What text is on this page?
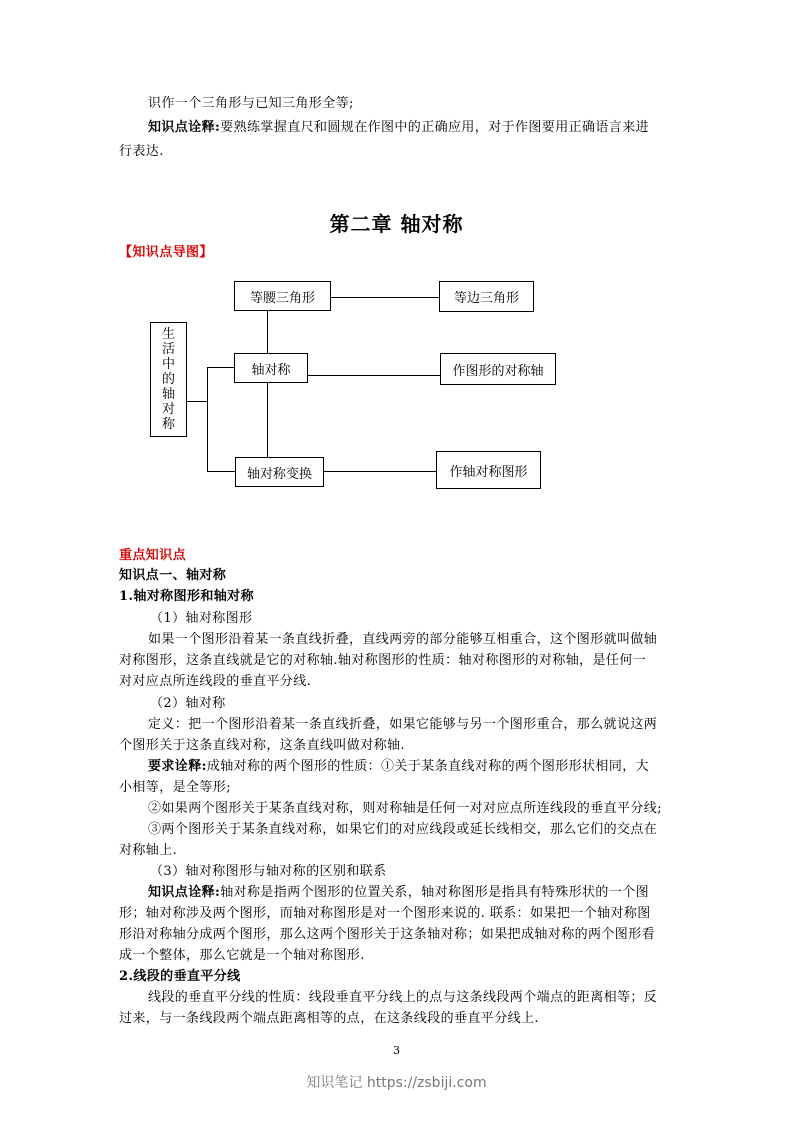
识作一个三角形与已知三角形全等;
知识点诠释:要熟练掌握直尺和圆规在作图中的正确应用，对于作图要用正确语言来进
行表达.
第二章 轴对称
【知识点导图】
生
活
中
的
轴
对
称
等腰三角形	等边三角形
轴对称	作图形的对称轴
轴对称变换	作轴对称图形
重点知识点
知识点一、轴对称
1.轴对称图形和轴对称
（1）轴对称图形
如果一个图形沿着某一条直线折叠，直线两旁的部分能够互相重合，这个图形就叫做轴
对称图形，这条直线就是它的对称轴.轴对称图形的性质：轴对称图形的对称轴，是任何一
对对应点所连线段的垂直平分线.
（2）轴对称
定义：把一个图形沿着某一条直线折叠，如果它能够与另一个图形重合，那么就说这两
个图形关于这条直线对称，这条直线叫做对称轴.
要求诠释:成轴对称的两个图形的性质：①关于某条直线对称的两个图形形状相同，大
小相等，是全等形;
②如果两个图形关于某条直线对称，则对称轴是任何一对对应点所连线段的垂直平分线;
③两个图形关于某条直线对称，如果它们的对应线段或延长线相交，那么它们的交点在
对称轴上.
（3）轴对称图形与轴对称的区别和联系
知识点诠释:轴对称是指两个图形的位置关系，轴对称图形是指具有特殊形状的一个图
形；轴对称涉及两个图形，而轴对称图形是对一个图形来说的. 联系：如果把一个轴对称图
形沿对称轴分成两个图形，那么这两个图形关于这条轴对称；如果把成轴对称的两个图形看
成一个整体，那么它就是一个轴对称图形.
2.线段的垂直平分线
线段的垂直平分线的性质：线段垂直平分线上的点与这条线段两个端点的距离相等；反
过来，与一条线段两个端点距离相等的点，在这条线段的垂直平分线上.
3
知识笔记 https://zsbiji.com
